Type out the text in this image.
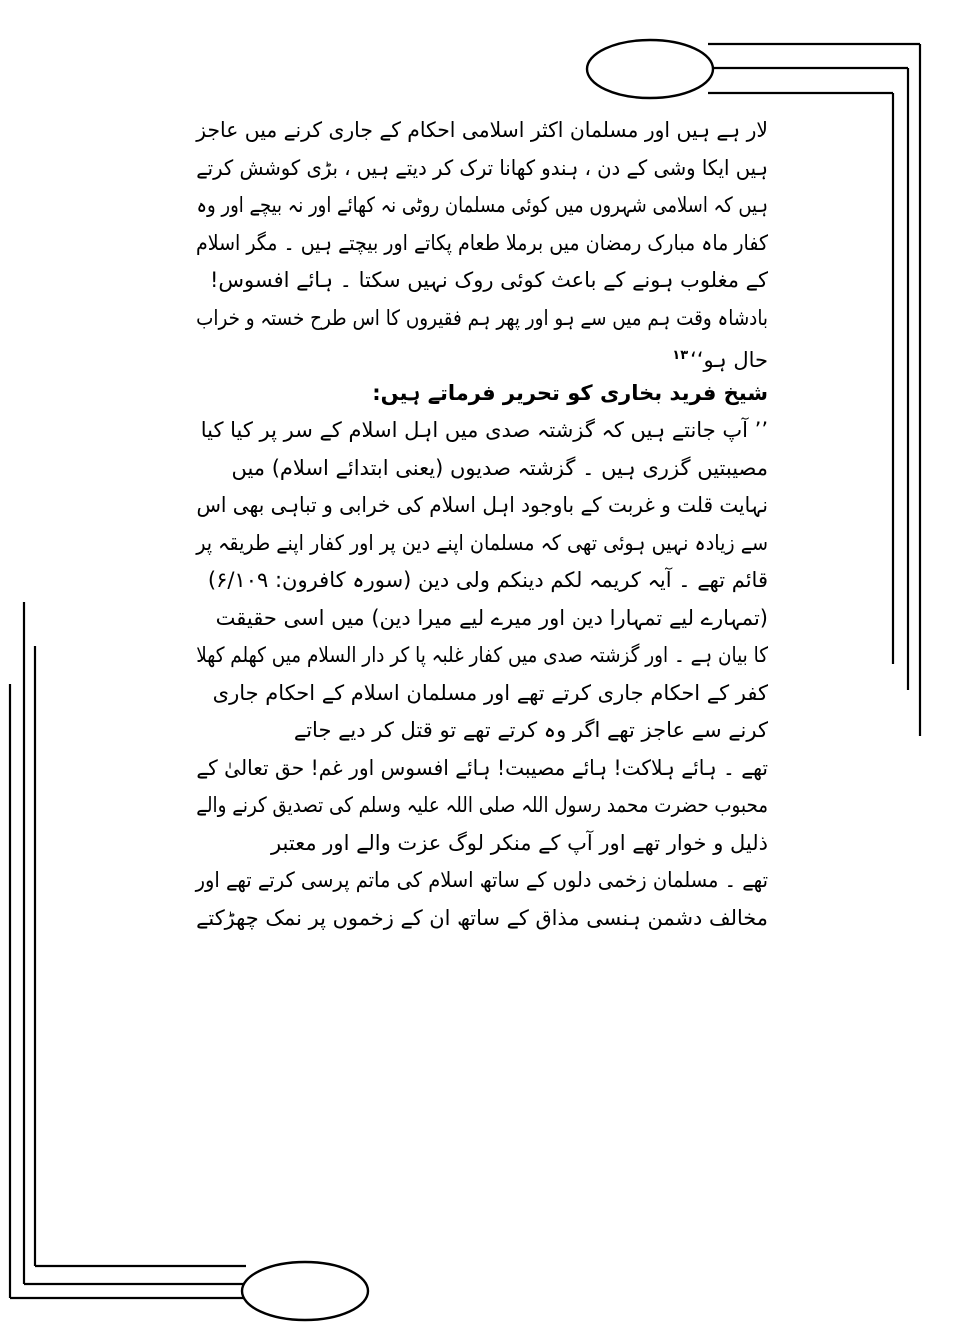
لار ہے ہیں اور مسلمان اکثر اسلامی احکام کے جاری کرنے میں عاجز
ہیں ایکا وشی کے دن ، ہندو کھانا ترک کر دیتے ہیں ، بڑی کوشش کرتے
ہیں کہ اسلامی شہروں میں کوئی مسلمان روٹی نہ کھائے اور نہ بیچے اور وہ
کفار ماہ مبارک رمضان میں برملا طعام پکاتے اور بیچتے ہیں ۔ مگر اسلام
کے مغلوب ہونے کے باعث کوئی روک نہیں سکتا ۔ ہائے افسوس!
بادشاہ وقت ہم میں سے ہو اور پھر ہم فقیروں کا اس طرح خستہ و خراب
حال ہو‘‘$^{۱۳}$
شیخ فرید بخاری کو تحریر فرماتے ہیں:
’’ آپ جانتے ہیں کہ گزشتہ صدی میں اہل اسلام کے سر پر کیا کیا
مصیبتیں گزری ہیں ۔ گزشتہ صدیوں (یعنی ابتدائے اسلام) میں
نہایت قلت و غربت کے باوجود اہل اسلام کی خرابی و تباہی بھی اس
سے زیادہ نہیں ہوئی تھی کہ مسلمان اپنے دین پر اور کفار اپنے طریقہ پر
قائم تھے ۔ آیہ کریمہ لکم دینکم ولی دین (سورہ کافرون: ۶/۱۰۹)
(تمہارے لیے تمہارا دین اور میرے لیے میرا دین) میں اسی حقیقت
کا بیان ہے ۔ اور گزشتہ صدی میں کفار غلبہ پا کر دار السلام میں کھلم کھلا
کفر کے احکام جاری کرتے تھے اور مسلمان اسلام کے احکام جاری
کرنے سے عاجز تھے اگر وہ کرتے تھے تو قتل کر دیے جاتے
تھے ۔ ہائے ہلاکت! ہائے مصیبت! ہائے افسوس اور غم! حق تعالیٰ کے
محبوب حضرت محمد رسول اللہ صلی اللہ علیہ وسلم کی تصدیق کرنے والے
ذلیل و خوار تھے اور آپ کے منکر لوگ عزت والے اور معتبر
تھے ۔ مسلمان زخمی دلوں کے ساتھ اسلام کی ماتم پرسی کرتے تھے اور
مخالف دشمن ہنسی مذاق کے ساتھ ان کے زخموں پر نمک چھڑکتے
